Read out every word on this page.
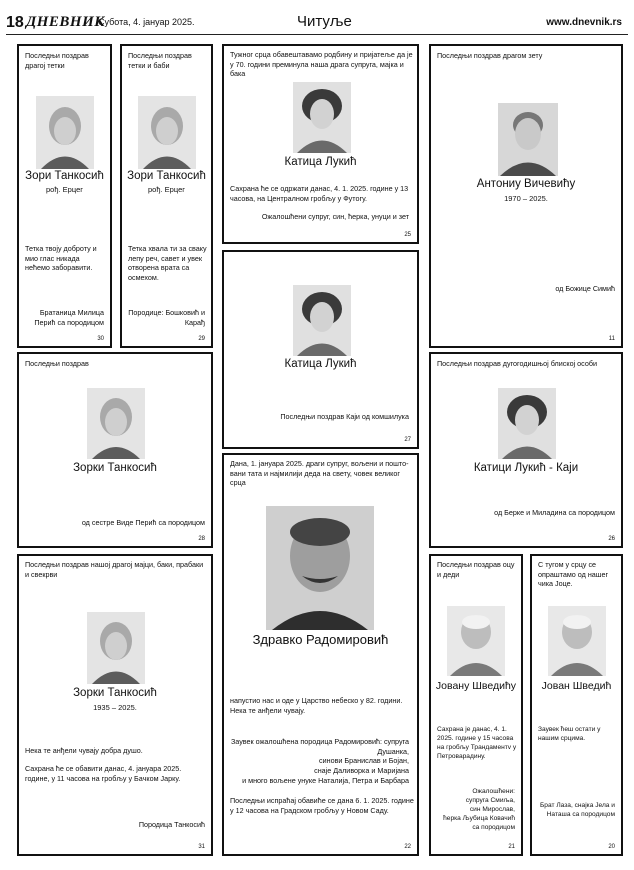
18 ДНЕВНИК
Субота, 4. јануар 2025.	Читуље	www.dnevnik.rs
Последњи поздрав драгој тетки
Зори Танкосић
рођ. Ерцег
Тетка твоју доброту и мио глас никада нећемо заборавити.
Братаница Милица Перић са породицом
30
Последњи поздрав тетки и баби
Зори Танкосић
рођ. Ерцег
Тетка хвала ти за сваку лепу реч, савет и увек отворена врата са осмехом.
Породице: Бошковић и Карађ
29
Тужног срца обавештавамо родбину и пријатеље да је у 70. години преминула наша драга супруга, мајка и бака
Катица Лукић
Сахрана ће се одржати данас, 4. 1. 2025. године у 13 часова, на Централном гробљу у Футогу.
Ожалошћени супруг, син, ћерка, унуци и зет
25
Последњи поздрав драгом зету
Антониу Вичевићу
1970 – 2025.
од Божице Симић
11
Последњи поздрав
Зорки Танкосић
од сестре Виде Перић са породицом
28
Катица Лукић
Последњи поздрав Каји од комшилука
27
Последњи поздрав дугогодишњој блиској особи
Катици Лукић - Каји
од Берке и Миладина са породицом
26
Последњи поздрав нашој драгој мајци, баки, прабаки и свекрви
Зорки Танкосић
1935 – 2025.
Нека те анђели чувају добра душо.
Сахрана ће се обавити данас, 4. јануара 2025. године, у 11 часова на гробљу у Бачком Јарку.
Породица Танкосић
31
Дана, 1. јануара 2025. драги супруг, вољени и пошто-вани тата и најмилији деда на свету, човек великог срца
Здравко Радомировић
напустио нас и оде у Царство небеско у 82. години. Нека те анђели чувају.
Заувек ожалошћена породица Радомировић: супруга Душанка,
синови Бранислав и Бојан,
снаје Даливорка и Маријана
и много вољене унуке Наталија, Петра и Барбара
Последњи испраћај обавиће се дана 6. 1. 2025. године у 12 часова на Градском гробљу у Новом Саду.
22
Последњи поздрав оцу и деди
Јовану Шведићу
Сахрана је данас, 4. 1. 2025. године у 15 часова на гробљу Трандаментv у Петроварадину.
Ожалошћени:
супруга Смиља,
син Мирослав,
ћерка Љубица Ковачић
са породицом
21
С тугом у срцу се опраштамо од нашег чика Јоце.
Јован Шведић
Заувек ћеш остати у нашим срцима.
Брат Лаза, снајка Јела и Наташа са породицом
20
